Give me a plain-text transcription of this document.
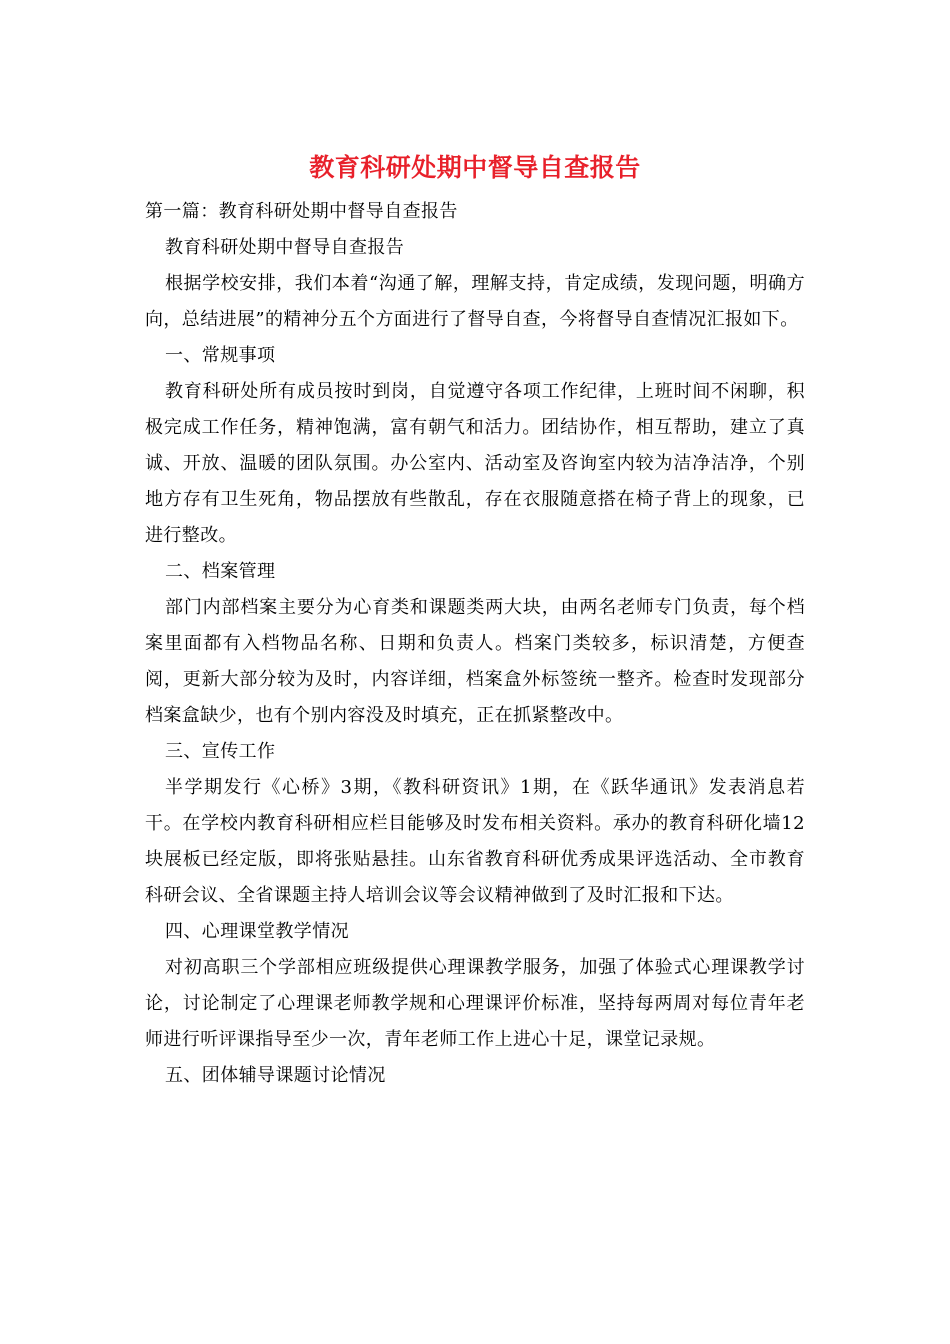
教育科研处期中督导自查报告

第一篇：教育科研处期中督导自查报告

教育科研处期中督导自查报告

根据学校安排，我们本着“沟通了解，理解支持，肯定成绩，发现问题，明确方向，总结进展”的精神分五个方面进行了督导自查，今将督导自查情况汇报如下。

一、常规事项

教育科研处所有成员按时到岗，自觉遵守各项工作纪律，上班时间不闲聊，积极完成工作任务，精神饱满，富有朝气和活力。团结协作，相互帮助，建立了真诚、开放、温暖的团队氛围。办公室内、活动室及咨询室内较为洁净洁净，个别地方存有卫生死角，物品摆放有些散乱，存在衣服随意搭在椅子背上的现象，已进行整改。

二、档案管理

部门内部档案主要分为心育类和课题类两大块，由两名老师专门负责，每个档案里面都有入档物品名称、日期和负责人。档案门类较多，标识清楚，方便查阅，更新大部分较为及时，内容详细，档案盒外标签统一整齐。检查时发现部分档案盒缺少，也有个别内容没及时填充，正在抓紧整改中。

三、宣传工作

半学期发行《心桥》3期，《教科研资讯》1期，在《跃华通讯》发表消息若干。在学校内教育科研相应栏目能够及时发布相关资料。承办的教育科研化墙12块展板已经定版，即将张贴悬挂。山东省教育科研优秀成果评选活动、全市教育科研会议、全省课题主持人培训会议等会议精神做到了及时汇报和下达。

四、心理课堂教学情况

对初高职三个学部相应班级提供心理课教学服务，加强了体验式心理课教学讨论，讨论制定了心理课老师教学规和心理课评价标准，坚持每两周对每位青年老师进行听评课指导至少一次，青年老师工作上进心十足，课堂记录规。

五、团体辅导课题讨论情况
